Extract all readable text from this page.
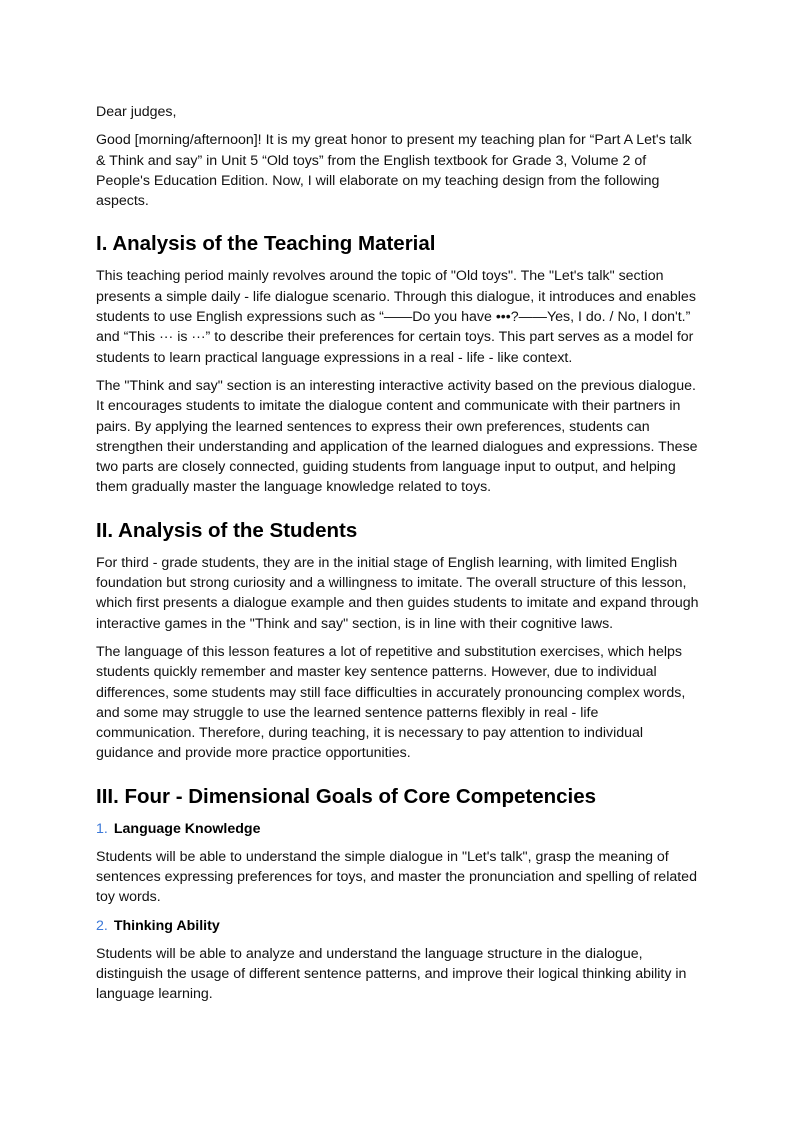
Dear judges,

Good [morning/afternoon]! It is my great honor to present my teaching plan for “Part A Let's talk & Think and say” in Unit 5 “Old toys” from the English textbook for Grade 3, Volume 2 of People's Education Edition. Now, I will elaborate on my teaching design from the following aspects.

I. Analysis of the Teaching Material

This teaching period mainly revolves around the topic of "Old toys". The "Let's talk" section presents a simple daily - life dialogue scenario. Through this dialogue, it introduces and enables students to use English expressions such as “——Do you have •••?——Yes, I do. / No, I don't.” and “This ··· is ···” to describe their preferences for certain toys. This part serves as a model for students to learn practical language expressions in a real - life - like context.

The "Think and say" section is an interesting interactive activity based on the previous dialogue. It encourages students to imitate the dialogue content and communicate with their partners in pairs. By applying the learned sentences to express their own preferences, students can strengthen their understanding and application of the learned dialogues and expressions. These two parts are closely connected, guiding students from language input to output, and helping them gradually master the language knowledge related to toys.

II. Analysis of the Students

For third - grade students, they are in the initial stage of English learning, with limited English foundation but strong curiosity and a willingness to imitate. The overall structure of this lesson, which first presents a dialogue example and then guides students to imitate and expand through interactive games in the "Think and say" section, is in line with their cognitive laws.

The language of this lesson features a lot of repetitive and substitution exercises, which helps students quickly remember and master key sentence patterns. However, due to individual differences, some students may still face difficulties in accurately pronouncing complex words, and some may struggle to use the learned sentence patterns flexibly in real - life communication. Therefore, during teaching, it is necessary to pay attention to individual guidance and provide more practice opportunities.

III. Four - Dimensional Goals of Core Competencies
1. Language Knowledge

Students will be able to understand the simple dialogue in "Let's talk", grasp the meaning of sentences expressing preferences for toys, and master the pronunciation and spelling of related toy words.

2. Thinking Ability

Students will be able to analyze and understand the language structure in the dialogue, distinguish the usage of different sentence patterns, and improve their logical thinking ability in language learning.
